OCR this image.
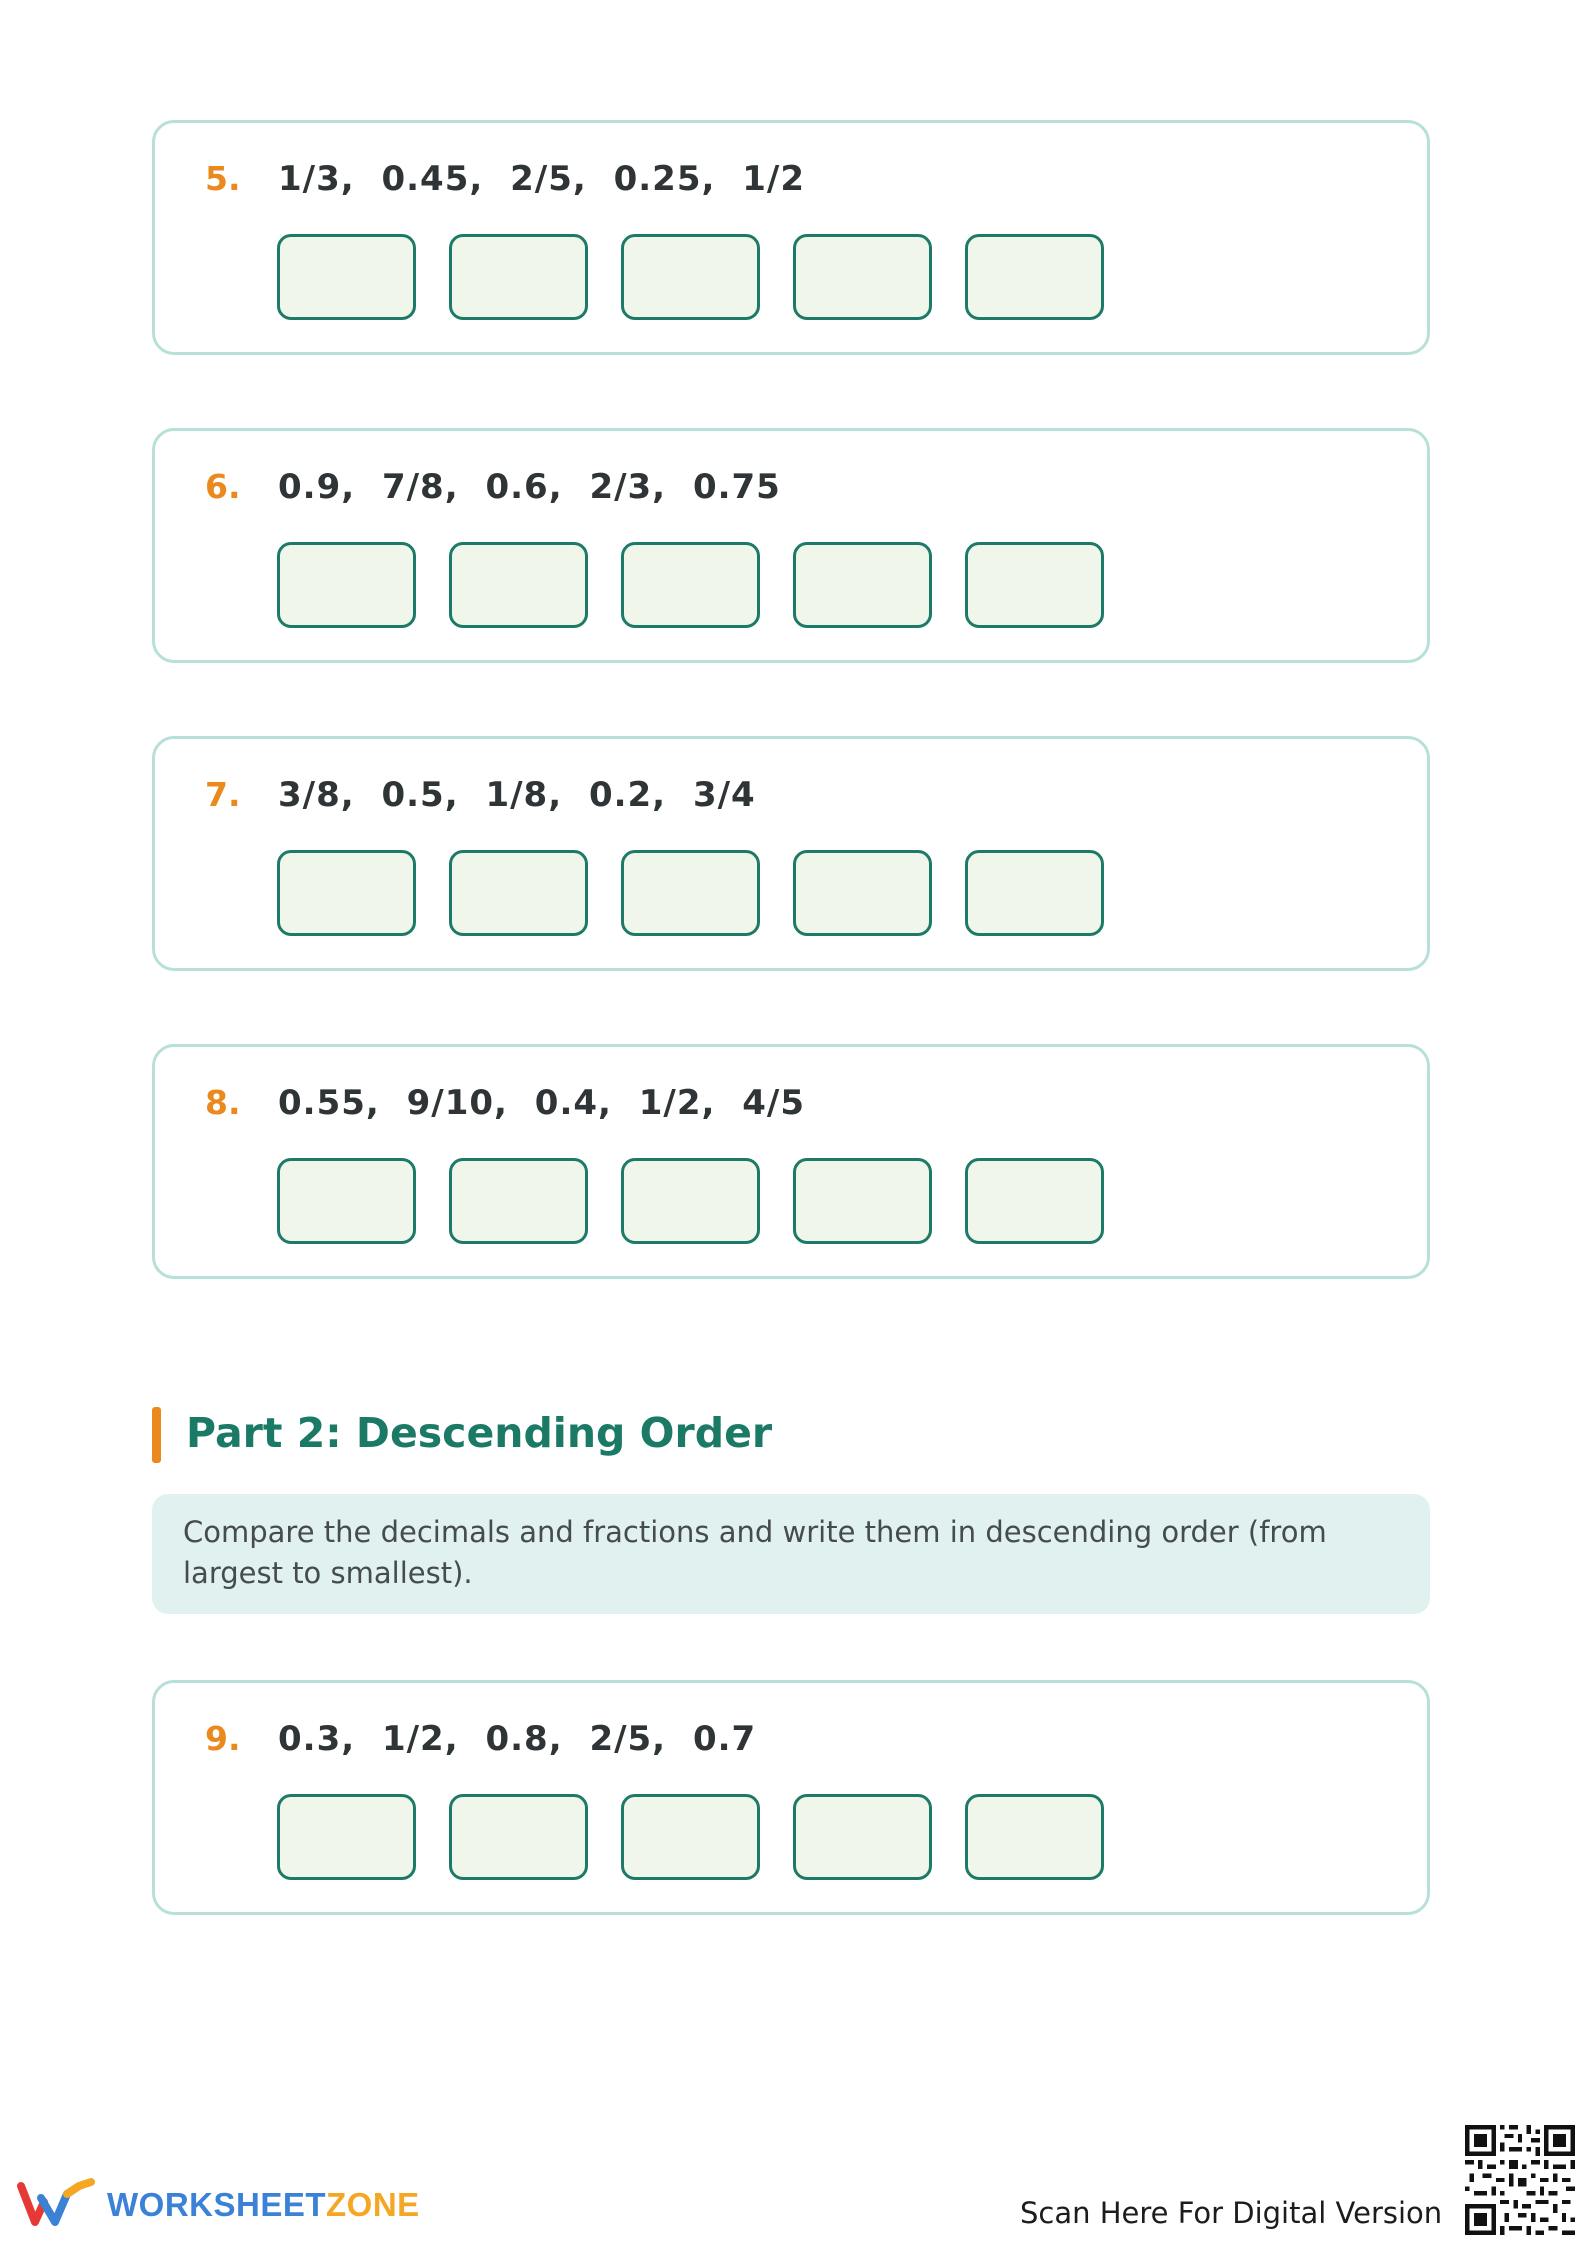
5. 1/3, 0.45, 2/5, 0.25, 1/2
6. 0.9, 7/8, 0.6, 2/3, 0.75
7. 3/8, 0.5, 1/8, 0.2, 3/4
8. 0.55, 9/10, 0.4, 1/2, 4/5
Part 2: Descending Order
Compare the decimals and fractions and write them in descending order (from largest to smallest).
9. 0.3, 1/2, 0.8, 2/5, 0.7
WORKSHEETZONE	Scan Here For Digital Version
